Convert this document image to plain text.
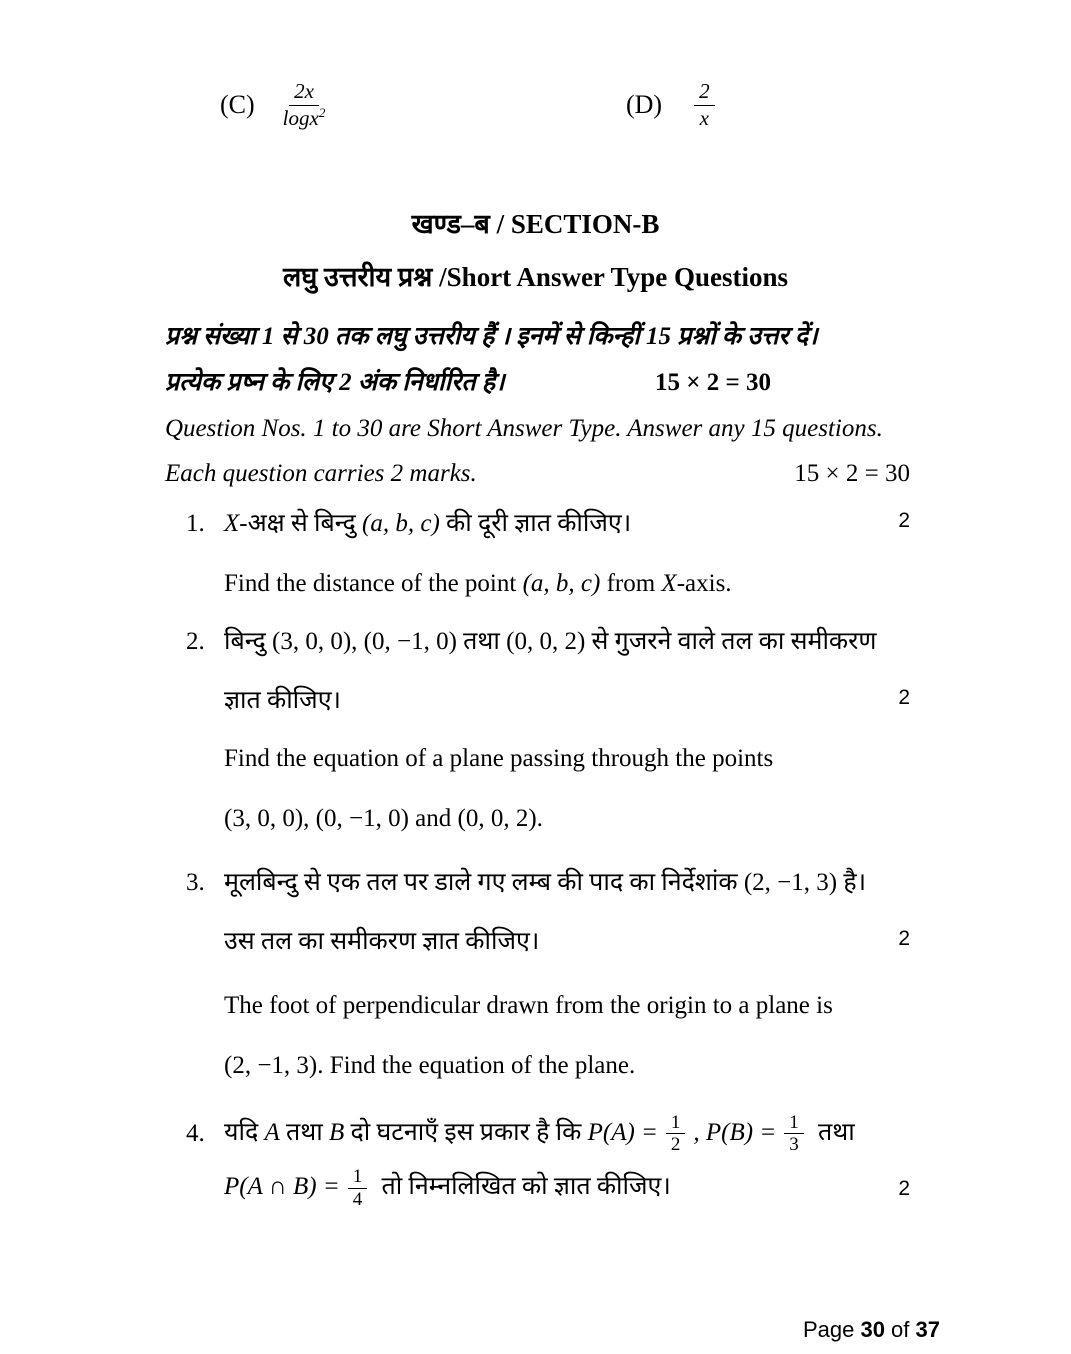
$(C) \frac{2x}{\log x^2}$	$(D) \frac{2}{x}$
खण्ड–ब / SECTION-B
लघु उत्तरीय प्रश्न /Short Answer Type Questions
प्रश्न संख्या 1 से 30 तक लघु उत्तरीय हैं । इनमें से किन्हीं 15 प्रश्नों के उत्तर दें।
प्रत्येक प्रष्न के लिए 2 अंक निर्धारित है।	15 × 2 = 30
Question Nos. 1 to 30 are Short Answer Type. Answer any 15 questions.
Each question carries 2 marks.	15 × 2 = 30
1. X-अक्ष से बिन्दु (a, b, c) की दूरी ज्ञात कीजिए।	2
Find the distance of the point (a, b, c) from X-axis.
2. बिन्दु (3, 0, 0), (0, −1, 0) तथा (0, 0, 2) से गुजरने वाले तल का समीकरण
ज्ञात कीजिए।	2
Find the equation of a plane passing through the points
(3, 0, 0), (0, −1, 0) and (0, 0, 2).
3. मूलबिन्दु से एक तल पर डाले गए लम्ब की पाद का निर्देशांक (2, −1, 3) है।
उस तल का समीकरण ज्ञात कीजिए।	2
The foot of perpendicular drawn from the origin to a plane is
(2, −1, 3). Find the equation of the plane.
4. यदि A तथा B दो घटनाएँ इस प्रकार है कि $P(A) = \frac{1}{2}$ , $P(B) = \frac{1}{3}$ तथा
P(A ∩ $B) = \frac{1}{4}$ तो निम्नलिखित को ज्ञात कीजिए।	2
Page 30 of 37
